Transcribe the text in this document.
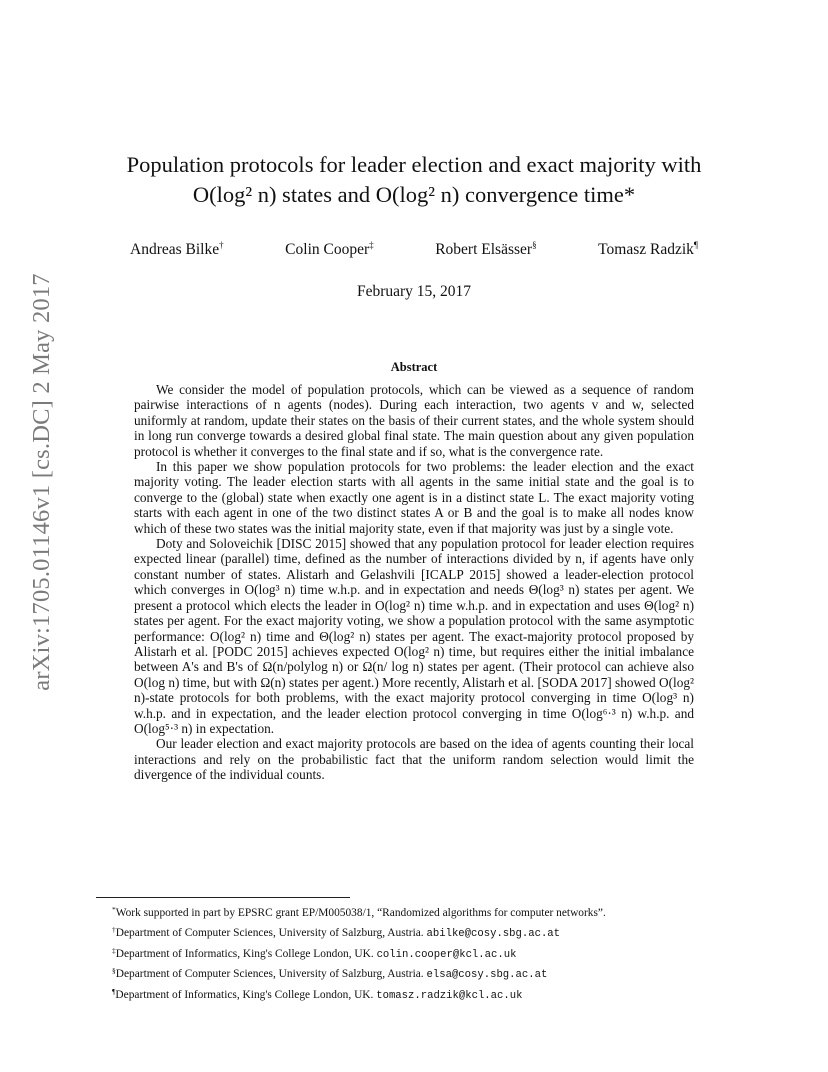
arXiv:1705.01146v1 [cs.DC] 2 May 2017
Population protocols for leader election and exact majority with
O(log² n) states and O(log² n) convergence time*
Andreas Bilke†	Colin Cooper‡	Robert Elsässer§	Tomasz Radzik¶
February 15, 2017
Abstract

We consider the model of population protocols, which can be viewed as a sequence of random pairwise interactions of n agents (nodes). During each interaction, two agents v and w, selected uniformly at random, update their states on the basis of their current states, and the whole system should in long run converge towards a desired global final state. The main question about any given population protocol is whether it converges to the final state and if so, what is the convergence rate.

In this paper we show population protocols for two problems: the leader election and the exact majority voting. The leader election starts with all agents in the same initial state and the goal is to converge to the (global) state when exactly one agent is in a distinct state L. The exact majority voting starts with each agent in one of the two distinct states A or B and the goal is to make all nodes know which of these two states was the initial majority state, even if that majority was just by a single vote.

Doty and Soloveichik [DISC 2015] showed that any population protocol for leader election requires expected linear (parallel) time, defined as the number of interactions divided by n, if agents have only constant number of states. Alistarh and Gelashvili [ICALP 2015] showed a leader-election protocol which converges in O(log³ n) time w.h.p. and in expectation and needs Θ(log³ n) states per agent. We present a protocol which elects the leader in O(log² n) time w.h.p. and in expectation and uses Θ(log² n) states per agent. For the exact majority voting, we show a population protocol with the same asymptotic performance: O(log² n) time and Θ(log² n) states per agent. The exact-majority protocol proposed by Alistarh et al. [PODC 2015] achieves expected O(log² n) time, but requires either the initial imbalance between A's and B's of Ω(n/polylog n) or Ω(n/ log n) states per agent. (Their protocol can achieve also O(log n) time, but with Ω(n) states per agent.) More recently, Alistarh et al. [SODA 2017] showed O(log² n)-state protocols for both problems, with the exact majority protocol converging in time O(log³ n) w.h.p. and in expectation, and the leader election protocol converging in time O(log⁶·³ n) w.h.p. and O(log⁵·³ n) in expectation.

Our leader election and exact majority protocols are based on the idea of agents counting their local interactions and rely on the probabilistic fact that the uniform random selection would limit the divergence of the individual counts.

*Work supported in part by EPSRC grant EP/M005038/1, “Randomized algorithms for computer networks”.
†Department of Computer Sciences, University of Salzburg, Austria. abilke@cosy.sbg.ac.at
‡Department of Informatics, King's College London, UK. colin.cooper@kcl.ac.uk
§Department of Computer Sciences, University of Salzburg, Austria. elsa@cosy.sbg.ac.at
¶Department of Informatics, King's College London, UK. tomasz.radzik@kcl.ac.uk
